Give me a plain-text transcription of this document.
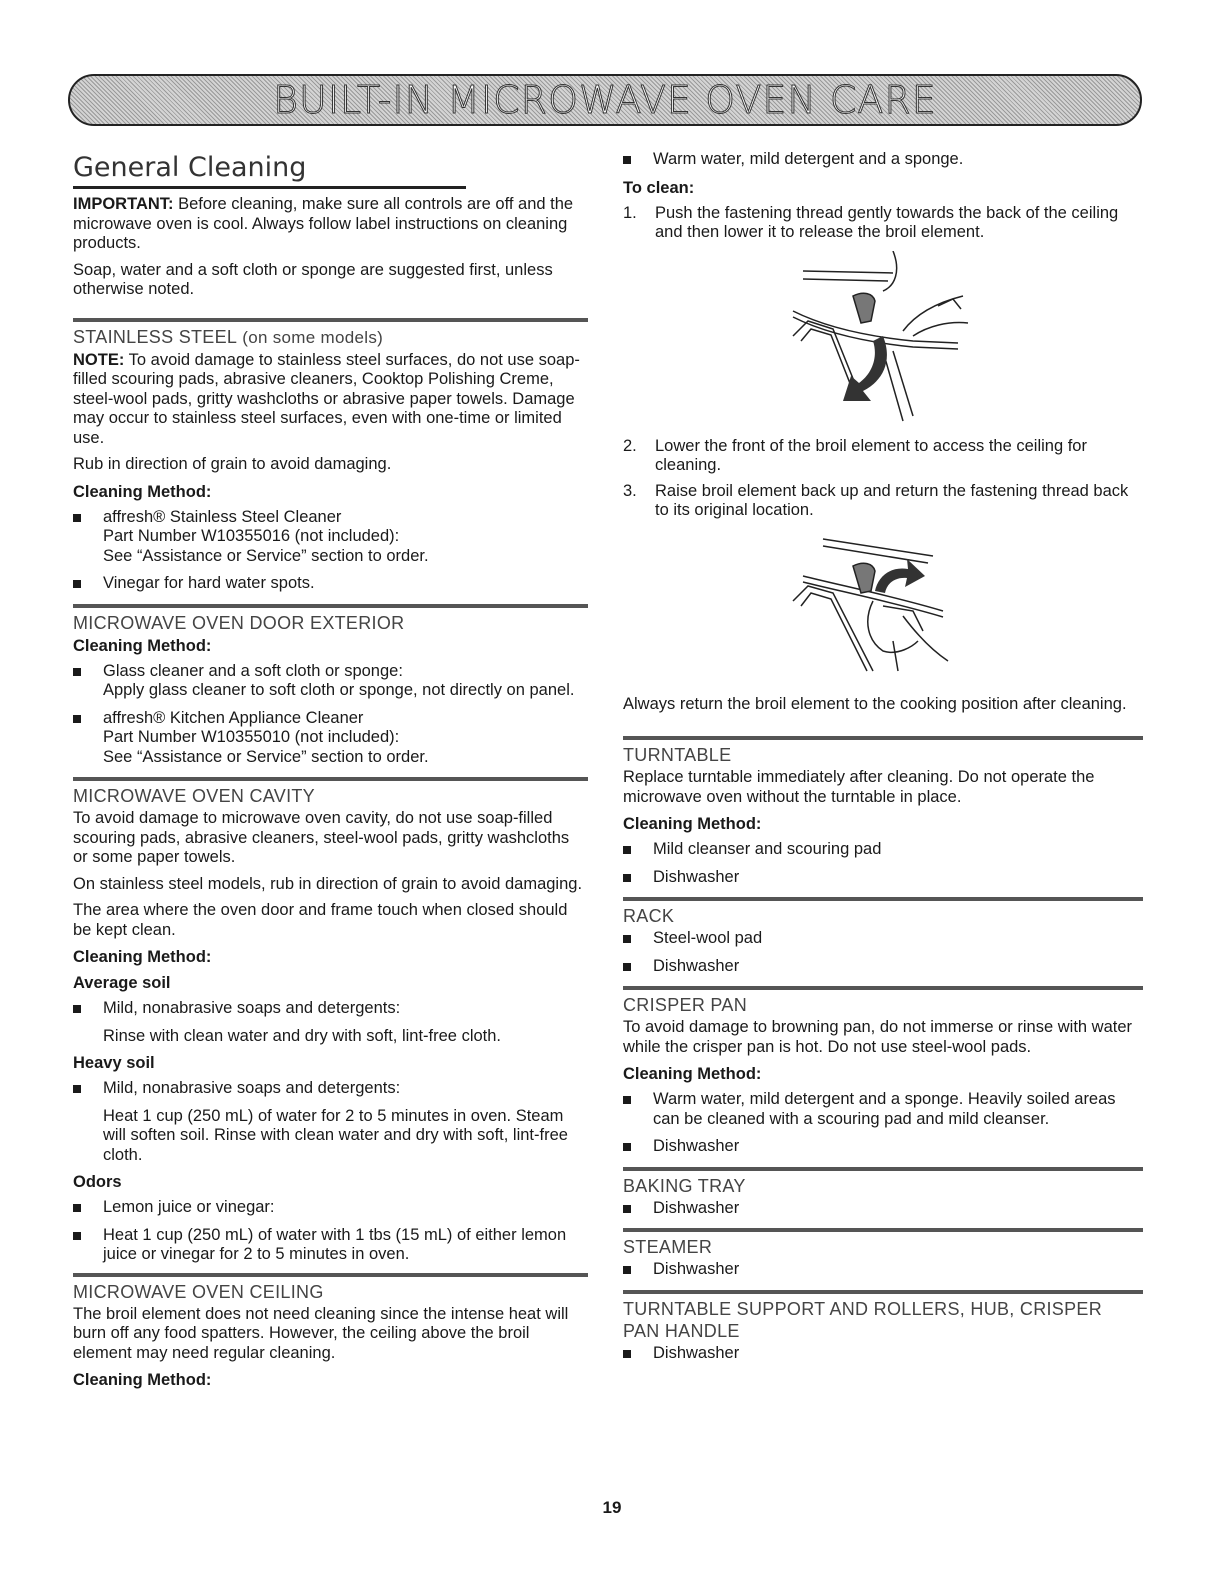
BUILT-IN MICROWAVE OVEN CARE
General Cleaning

IMPORTANT: Before cleaning, make sure all controls are off and the microwave oven is cool. Always follow label instructions on cleaning products.

Soap, water and a soft cloth or sponge are suggested first, unless otherwise noted.

STAINLESS STEEL (on some models)

NOTE: To avoid damage to stainless steel surfaces, do not use soap-filled scouring pads, abrasive cleaners, Cooktop Polishing Creme, steel-wool pads, gritty washcloths or abrasive paper towels. Damage may occur to stainless steel surfaces, even with one-time or limited use.

Rub in direction of grain to avoid damaging.

Cleaning Method:
affresh® Stainless Steel Cleaner
Part Number W10355016 (not included):
See “Assistance or Service” section to order.
Vinegar for hard water spots.
MICROWAVE OVEN DOOR EXTERIOR
Cleaning Method:
Glass cleaner and a soft cloth or sponge:
Apply glass cleaner to soft cloth or sponge, not directly on panel.
affresh® Kitchen Appliance Cleaner
Part Number W10355010 (not included):
See “Assistance or Service” section to order.
MICROWAVE OVEN CAVITY

To avoid damage to microwave oven cavity, do not use soap-filled scouring pads, abrasive cleaners, steel-wool pads, gritty washcloths or some paper towels.

On stainless steel models, rub in direction of grain to avoid damaging.

The area where the oven door and frame touch when closed should be kept clean.

Cleaning Method:
Average soil
Mild, nonabrasive soaps and detergents:

Rinse with clean water and dry with soft, lint-free cloth.

Heavy soil
Mild, nonabrasive soaps and detergents:

Heat 1 cup (250 mL) of water for 2 to 5 minutes in oven. Steam will soften soil. Rinse with clean water and dry with soft, lint-free cloth.

Odors
Lemon juice or vinegar:
Heat 1 cup (250 mL) of water with 1 tbs (15 mL) of either lemon juice or vinegar for 2 to 5 minutes in oven.
MICROWAVE OVEN CEILING

The broil element does not need cleaning since the intense heat will burn off any food spatters. However, the ceiling above the broil element may need regular cleaning.

Cleaning Method:
Warm water, mild detergent and a sponge.
To clean:
1. Push the fastening thread gently towards the back of the ceiling and then lower it to release the broil element.
2. Lower the front of the broil element to access the ceiling for cleaning.
3. Raise broil element back up and return the fastening thread back to its original location.

Always return the broil element to the cooking position after cleaning.

TURNTABLE

Replace turntable immediately after cleaning. Do not operate the microwave oven without the turntable in place.

Cleaning Method:
Mild cleanser and scouring pad
Dishwasher
RACK
Steel-wool pad
Dishwasher
CRISPER PAN

To avoid damage to browning pan, do not immerse or rinse with water while the crisper pan is hot. Do not use steel-wool pads.

Cleaning Method:
Warm water, mild detergent and a sponge. Heavily soiled areas can be cleaned with a scouring pad and mild cleanser.
Dishwasher
BAKING TRAY
Dishwasher
STEAMER
Dishwasher
TURNTABLE SUPPORT AND ROLLERS, HUB, CRISPER PAN HANDLE
Dishwasher
19
